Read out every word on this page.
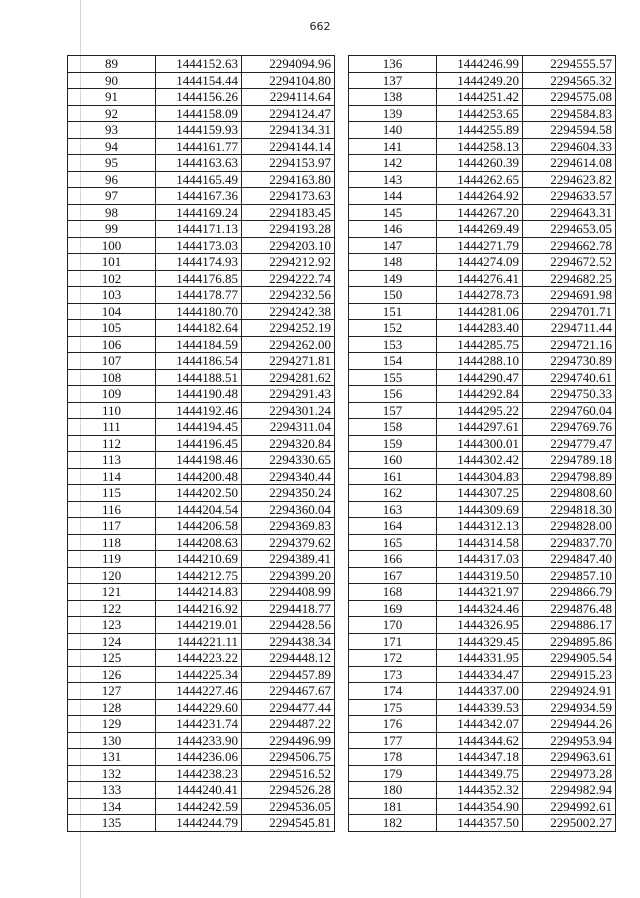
662
89	1444152.63	2294094.96
90	1444154.44	2294104.80
91	1444156.26	2294114.64
92	1444158.09	2294124.47
93	1444159.93	2294134.31
94	1444161.77	2294144.14
95	1444163.63	2294153.97
96	1444165.49	2294163.80
97	1444167.36	2294173.63
98	1444169.24	2294183.45
99	1444171.13	2294193.28
100	1444173.03	2294203.10
101	1444174.93	2294212.92
102	1444176.85	2294222.74
103	1444178.77	2294232.56
104	1444180.70	2294242.38
105	1444182.64	2294252.19
106	1444184.59	2294262.00
107	1444186.54	2294271.81
108	1444188.51	2294281.62
109	1444190.48	2294291.43
110	1444192.46	2294301.24
111	1444194.45	2294311.04
112	1444196.45	2294320.84
113	1444198.46	2294330.65
114	1444200.48	2294340.44
115	1444202.50	2294350.24
116	1444204.54	2294360.04
117	1444206.58	2294369.83
118	1444208.63	2294379.62
119	1444210.69	2294389.41
120	1444212.75	2294399.20
121	1444214.83	2294408.99
122	1444216.92	2294418.77
123	1444219.01	2294428.56
124	1444221.11	2294438.34
125	1444223.22	2294448.12
126	1444225.34	2294457.89
127	1444227.46	2294467.67
128	1444229.60	2294477.44
129	1444231.74	2294487.22
130	1444233.90	2294496.99
131	1444236.06	2294506.75
132	1444238.23	2294516.52
133	1444240.41	2294526.28
134	1444242.59	2294536.05
135	1444244.79	2294545.81
136	1444246.99	2294555.57
137	1444249.20	2294565.32
138	1444251.42	2294575.08
139	1444253.65	2294584.83
140	1444255.89	2294594.58
141	1444258.13	2294604.33
142	1444260.39	2294614.08
143	1444262.65	2294623.82
144	1444264.92	2294633.57
145	1444267.20	2294643.31
146	1444269.49	2294653.05
147	1444271.79	2294662.78
148	1444274.09	2294672.52
149	1444276.41	2294682.25
150	1444278.73	2294691.98
151	1444281.06	2294701.71
152	1444283.40	2294711.44
153	1444285.75	2294721.16
154	1444288.10	2294730.89
155	1444290.47	2294740.61
156	1444292.84	2294750.33
157	1444295.22	2294760.04
158	1444297.61	2294769.76
159	1444300.01	2294779.47
160	1444302.42	2294789.18
161	1444304.83	2294798.89
162	1444307.25	2294808.60
163	1444309.69	2294818.30
164	1444312.13	2294828.00
165	1444314.58	2294837.70
166	1444317.03	2294847.40
167	1444319.50	2294857.10
168	1444321.97	2294866.79
169	1444324.46	2294876.48
170	1444326.95	2294886.17
171	1444329.45	2294895.86
172	1444331.95	2294905.54
173	1444334.47	2294915.23
174	1444337.00	2294924.91
175	1444339.53	2294934.59
176	1444342.07	2294944.26
177	1444344.62	2294953.94
178	1444347.18	2294963.61
179	1444349.75	2294973.28
180	1444352.32	2294982.94
181	1444354.90	2294992.61
182	1444357.50	2295002.27
